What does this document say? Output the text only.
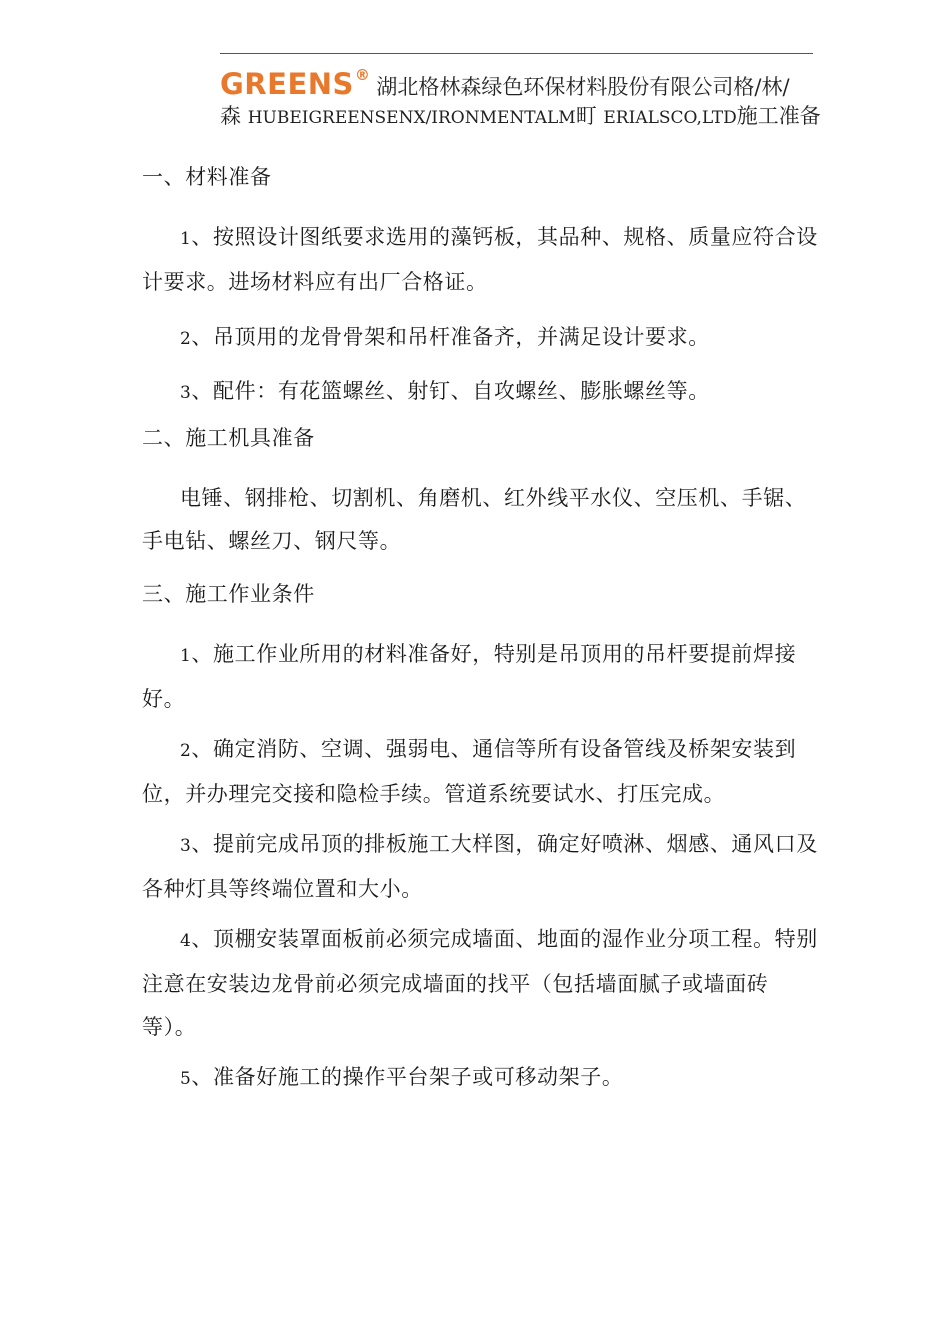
GREENS® 湖北格林森绿色环保材料股份有限公司格/林/
森 HUBEIGREENSENX/IRONMENTALM町 ERIALSCO,LTD施工准备

一、材料准备

1、按照设计图纸要求选用的藻钙板，其品种、规格、质量应符合设计要求。进场材料应有出厂合格证。

2、吊顶用的龙骨骨架和吊杆准备齐，并满足设计要求。

3、配件：有花篮螺丝、射钉、自攻螺丝、膨胀螺丝等。

二、施工机具准备

电锤、钢排枪、切割机、角磨机、红外线平水仪、空压机、手锯、手电钻、螺丝刀、钢尺等。

三、施工作业条件

1、施工作业所用的材料准备好，特别是吊顶用的吊杆要提前焊接好。

2、确定消防、空调、强弱电、通信等所有设备管线及桥架安装到位，并办理完交接和隐检手续。管道系统要试水、打压完成。

3、提前完成吊顶的排板施工大样图，确定好喷淋、烟感、通风口及各种灯具等终端位置和大小。

4、顶棚安装罩面板前必须完成墙面、地面的湿作业分项工程。特别注意在安装边龙骨前必须完成墙面的找平（包括墙面腻子或墙面砖等）。

5、准备好施工的操作平台架子或可移动架子。
